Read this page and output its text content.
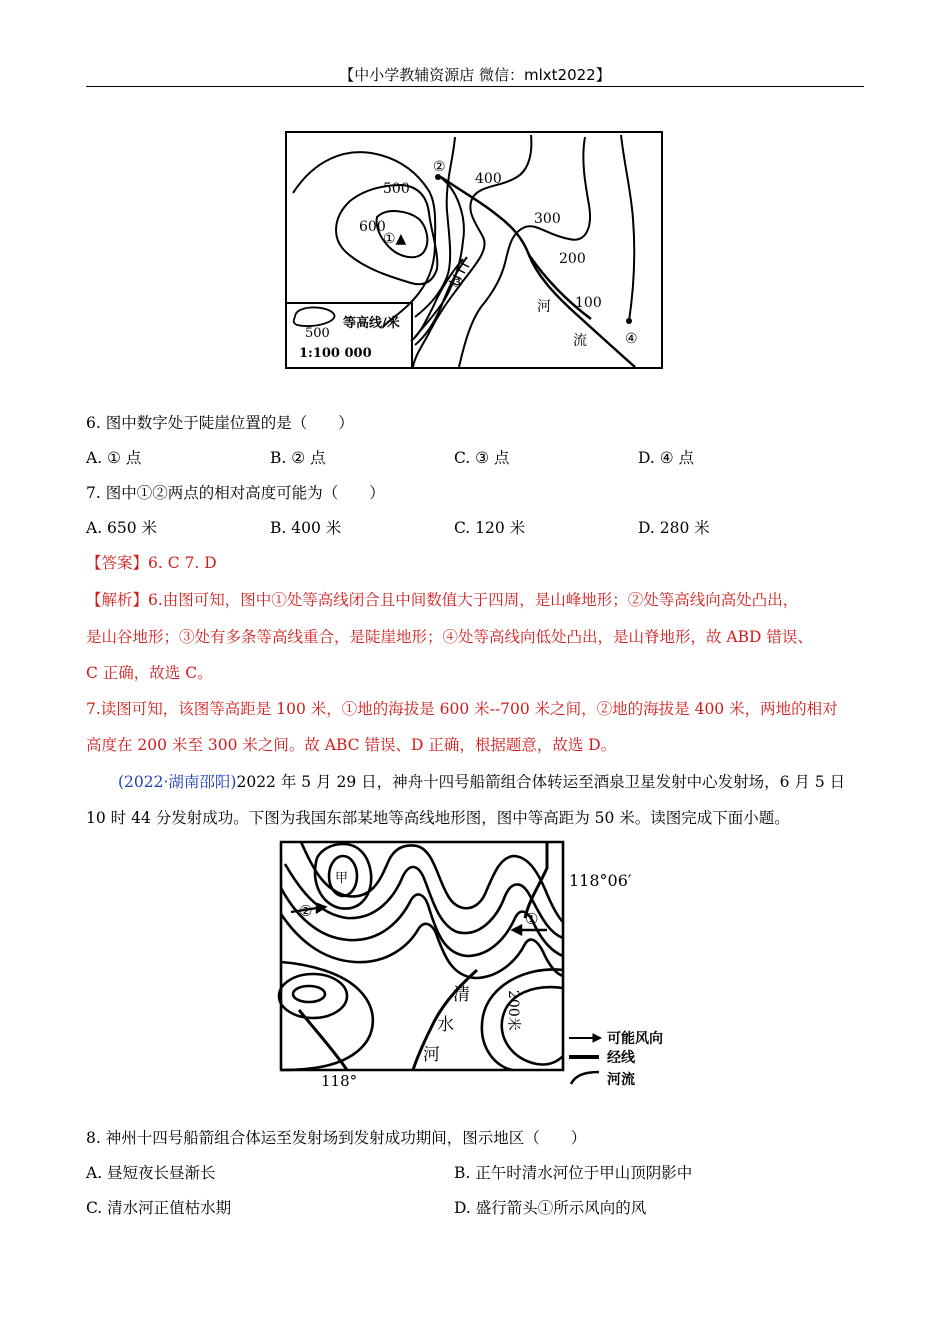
【中小学教辅资源店 微信：mlxt2022】
500
600
①▲
②
400
300
200
100
③
河
流	④
500
等高线/米
1:100 000
6. 图中数字处于陡崖位置的是（　　）
A. ① 点	B. ② 点	C. ③ 点	D. ④ 点
7. 图中①②两点的相对高度可能为（　　）
A. 650 米	B. 400 米	C. 120 米	D. 280 米
【答案】6. C 7. D
【解析】6.由图可知，图中①处等高线闭合且中间数值大于四周，是山峰地形；②处等高线向高处凸出，
是山谷地形；③处有多条等高线重合，是陡崖地形；④处等高线向低处凸出，是山脊地形，故 ABD 错误、
C 正确，故选 C。
7.读图可知，该图等高距是 100 米，①地的海拔是 600 米--700 米之间，②地的海拔是 400 米，两地的相对
高度在 200 米至 300 米之间。故 ABC 错误、D 正确，根据题意，故选 D。
(2022·湖南邵阳)2022 年 5 月 29 日，神舟十四号船箭组合体转运至酒泉卫星发射中心发射场，6 月 5 日
10 时 44 分发射成功。下图为我国东部某地等高线地形图，图中等高距为 50 米。读图完成下面小题。
甲	118°06′
②	①
清
水
河
200米
118°
可能风向
经线
河流
8. 神州十四号船箭组合体运至发射场到发射成功期间，图示地区（　　）
A. 昼短夜长昼渐长	B. 正午时清水河位于甲山顶阴影中
C. 清水河正值枯水期	D. 盛行箭头①所示风向的风
